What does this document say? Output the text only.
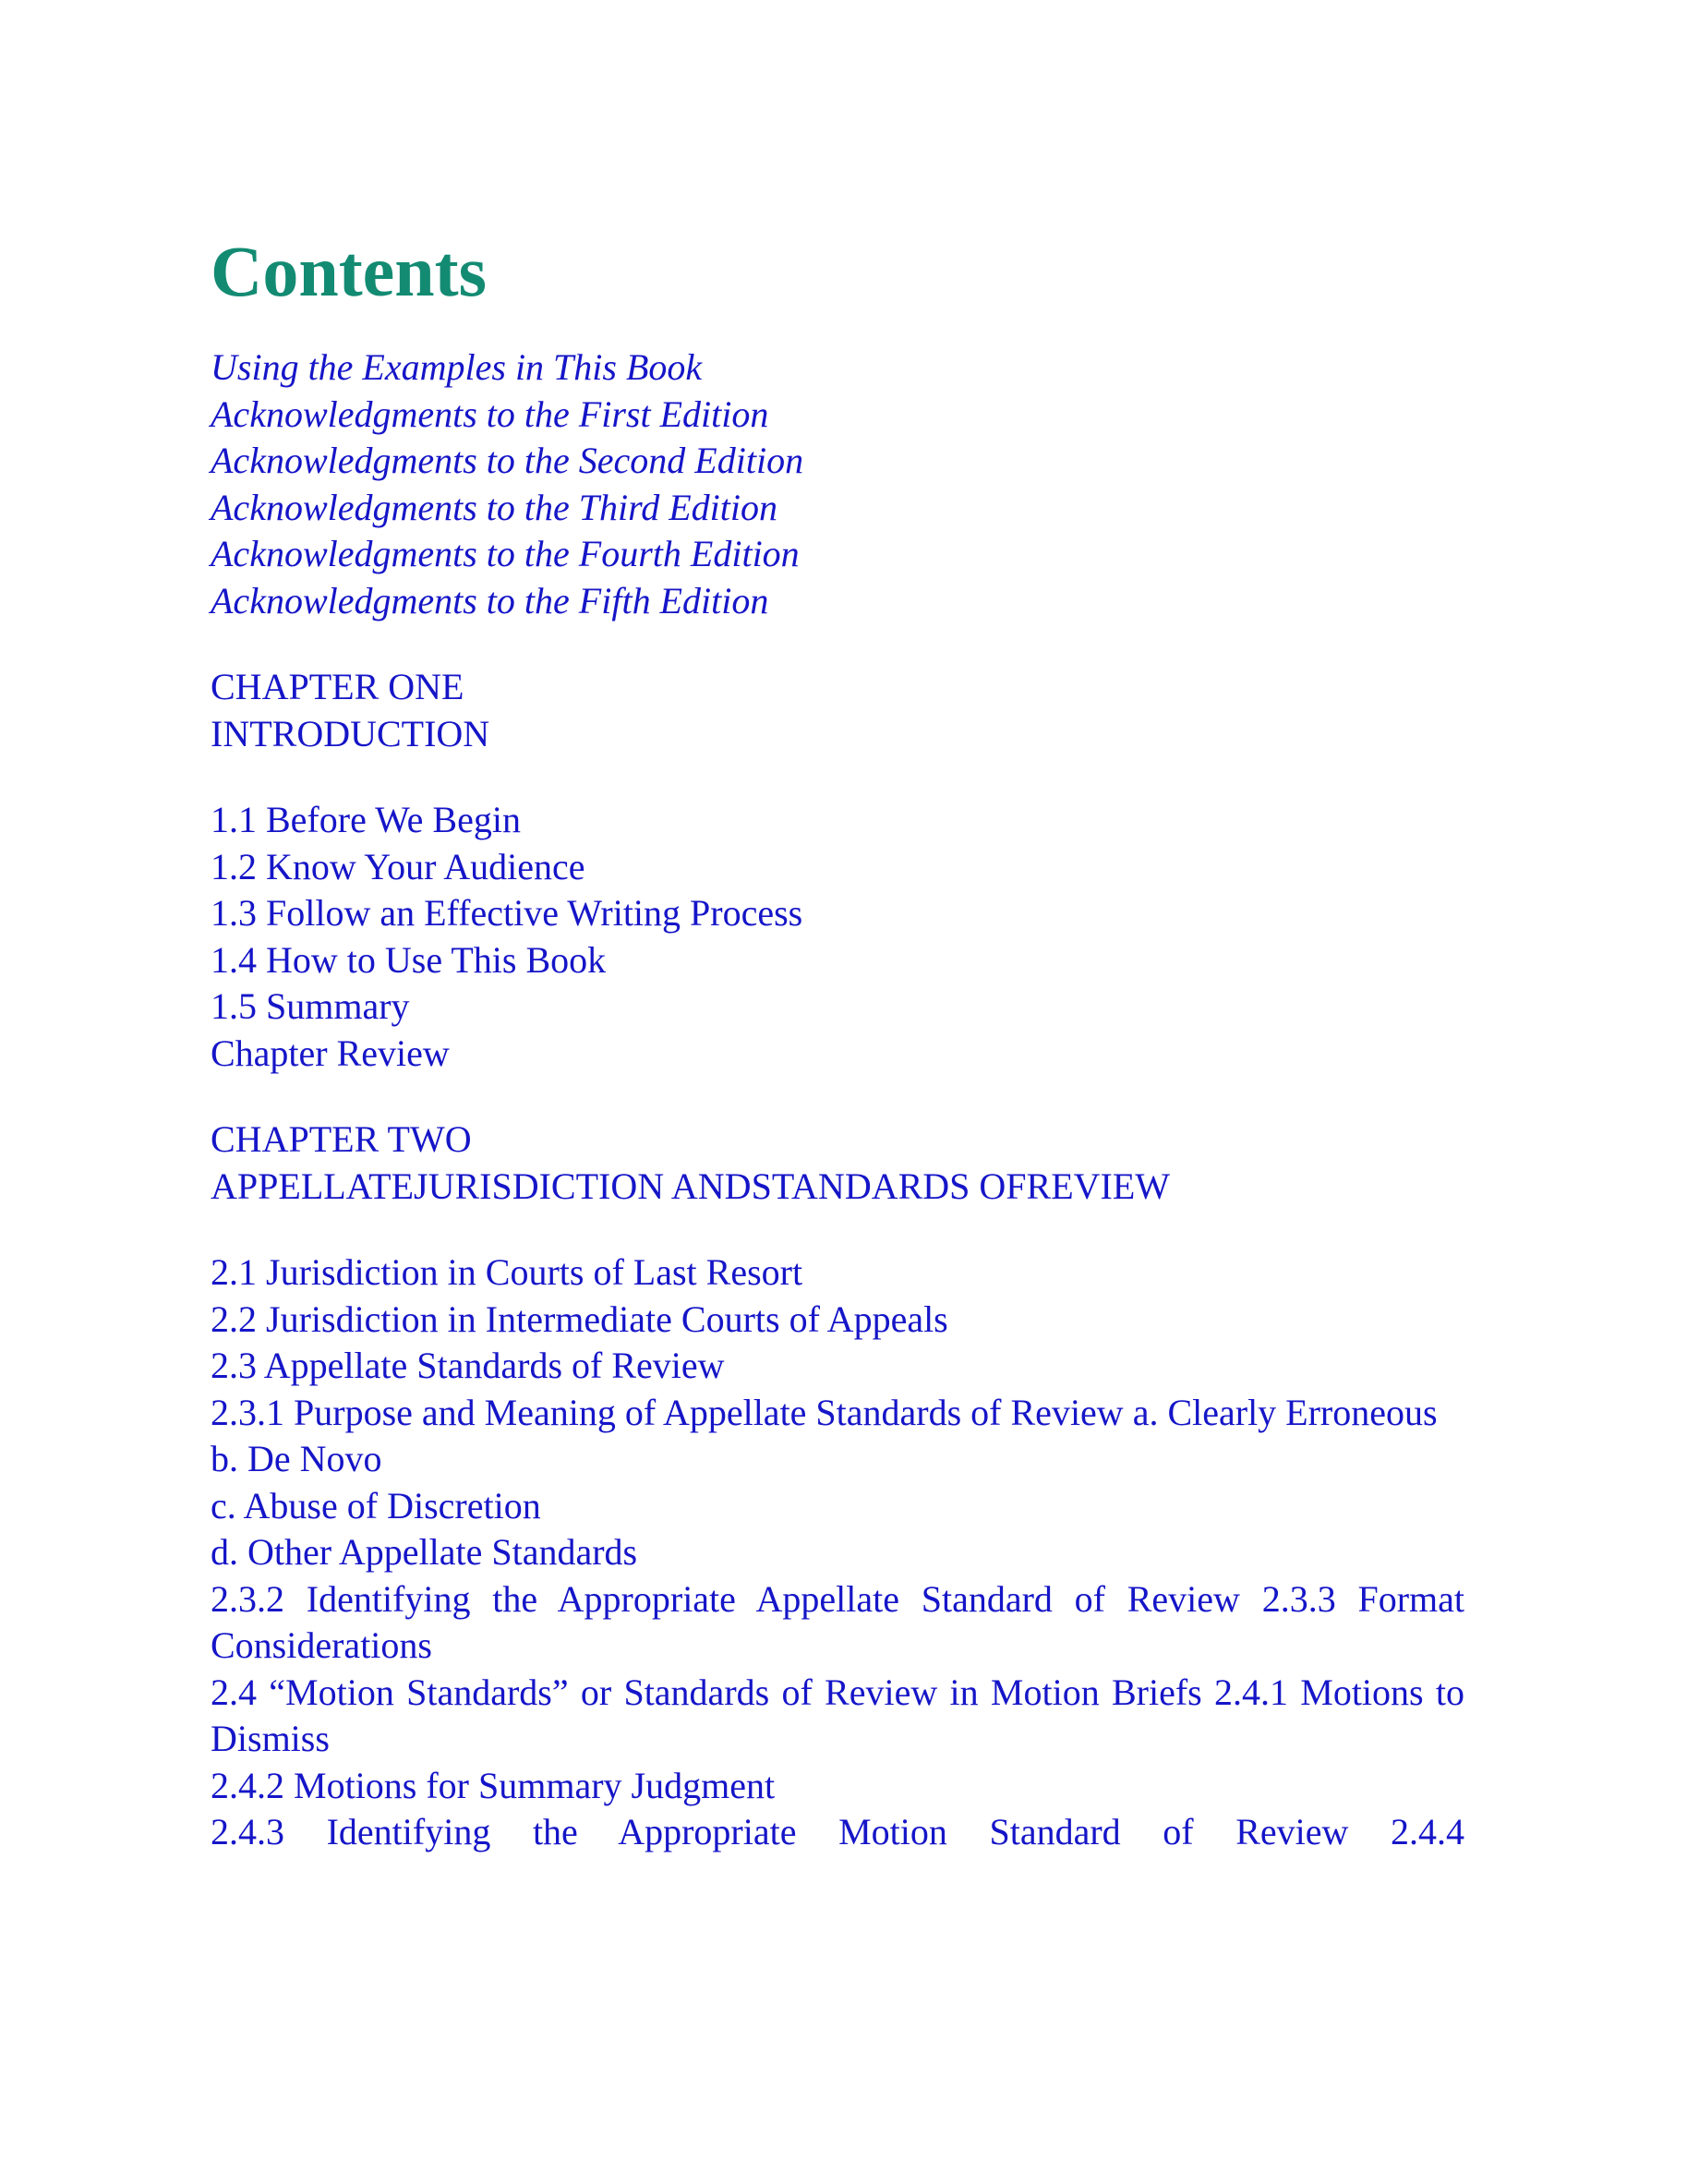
Contents
Using the Examples in This Book
Acknowledgments to the First Edition
Acknowledgments to the Second Edition
Acknowledgments to the Third Edition
Acknowledgments to the Fourth Edition
Acknowledgments to the Fifth Edition
CHAPTER ONE
INTRODUCTION
1.1 Before We Begin
1.2 Know Your Audience
1.3 Follow an Effective Writing Process
1.4 How to Use This Book
1.5 Summary
Chapter Review
CHAPTER TWO
APPELLATEJURISDICTION ANDSTANDARDS OFREVIEW
2.1 Jurisdiction in Courts of Last Resort
2.2 Jurisdiction in Intermediate Courts of Appeals
2.3 Appellate Standards of Review
2.3.1 Purpose and Meaning of Appellate Standards of Review a. Clearly Erroneous
b. De Novo
c. Abuse of Discretion
d. Other Appellate Standards
2.3.2 Identifying the Appropriate Appellate Standard of Review 2.3.3 Format Considerations
2.4 “Motion Standards” or Standards of Review in Motion Briefs 2.4.1 Motions to Dismiss
2.4.2 Motions for Summary Judgment
2.4.3 Identifying the Appropriate Motion Standard of Review 2.4.4
